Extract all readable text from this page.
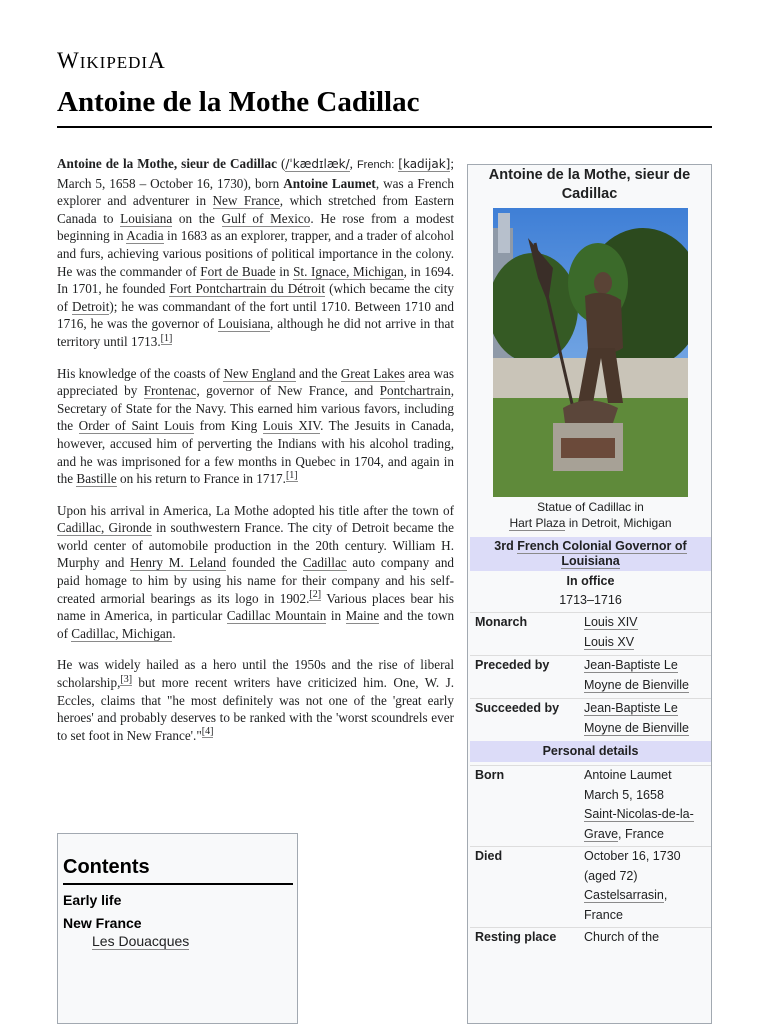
WIKIPEDIA
Antoine de la Mothe Cadillac

Antoine de la Mothe, sieur de Cadillac (/ˈkædɪlæk/, French: [kadijak]; March 5, 1658 – October 16, 1730), born Antoine Laumet, was a French explorer and adventurer in New France, which stretched from Eastern Canada to Louisiana on the Gulf of Mexico. He rose from a modest beginning in Acadia in 1683 as an explorer, trapper, and a trader of alcohol and furs, achieving various positions of political importance in the colony. He was the commander of Fort de Buade in St. Ignace, Michigan, in 1694. In 1701, he founded Fort Pontchartrain du Détroit (which became the city of Detroit); he was commandant of the fort until 1710. Between 1710 and 1716, he was the governor of Louisiana, although he did not arrive in that territory until 1713.[1]

His knowledge of the coasts of New England and the Great Lakes area was appreciated by Frontenac, governor of New France, and Pontchartrain, Secretary of State for the Navy. This earned him various favors, including the Order of Saint Louis from King Louis XIV. The Jesuits in Canada, however, accused him of perverting the Indians with his alcohol trading, and he was imprisoned for a few months in Quebec in 1704, and again in the Bastille on his return to France in 1717.[1]

Upon his arrival in America, La Mothe adopted his title after the town of Cadillac, Gironde in southwestern France. The city of Detroit became the world center of automobile production in the 20th century. William H. Murphy and Henry M. Leland founded the Cadillac auto company and paid homage to him by using his name for their company and his self-created armorial bearings as its logo in 1902.[2] Various places bear his name in America, in particular Cadillac Mountain in Maine and the town of Cadillac, Michigan.

He was widely hailed as a hero until the 1950s and the rise of liberal scholarship,[3] but more recent writers have criticized him. One, W. J. Eccles, claims that "he most definitely was not one of the 'great early heroes' and probably deserves to be ranked with the 'worst scoundrels ever to set foot in New France'."[4]

Contents
Early life
New France
Les Douacques
Antoine de la Mothe, sieur de Cadillac
Statue of Cadillac in
Hart Plaza in Detroit, Michigan
3rd French Colonial Governor of Louisiana
In office
1713–1716
Monarch	Louis XIV
Louis XV
Preceded by	Jean-Baptiste Le Moyne de Bienville
Succeeded by Jean-Baptiste Le Moyne de Bienville
Personal details
Born	Antoine Laumet
March 5, 1658
Saint-Nicolas-de-la-Grave, France
Died	October 16, 1730
(aged 72)
Castelsarrasin, France
Resting place Church of the
